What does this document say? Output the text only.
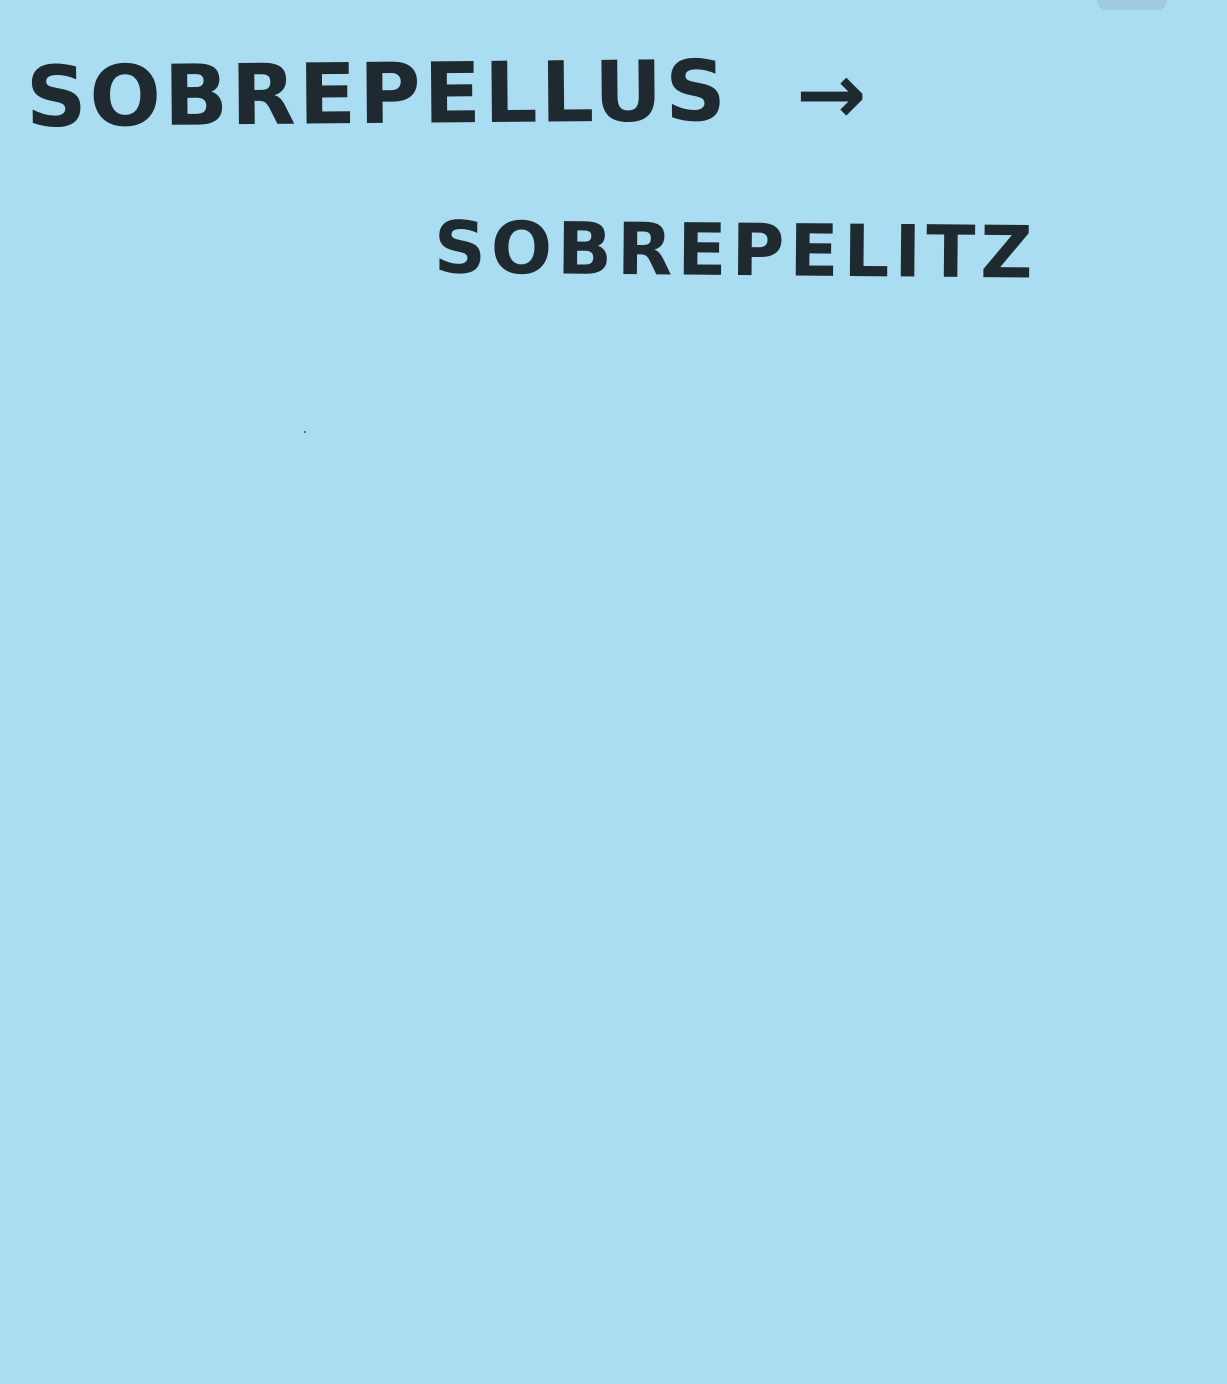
SOBREPELLUS →
SOBREPELITZ
